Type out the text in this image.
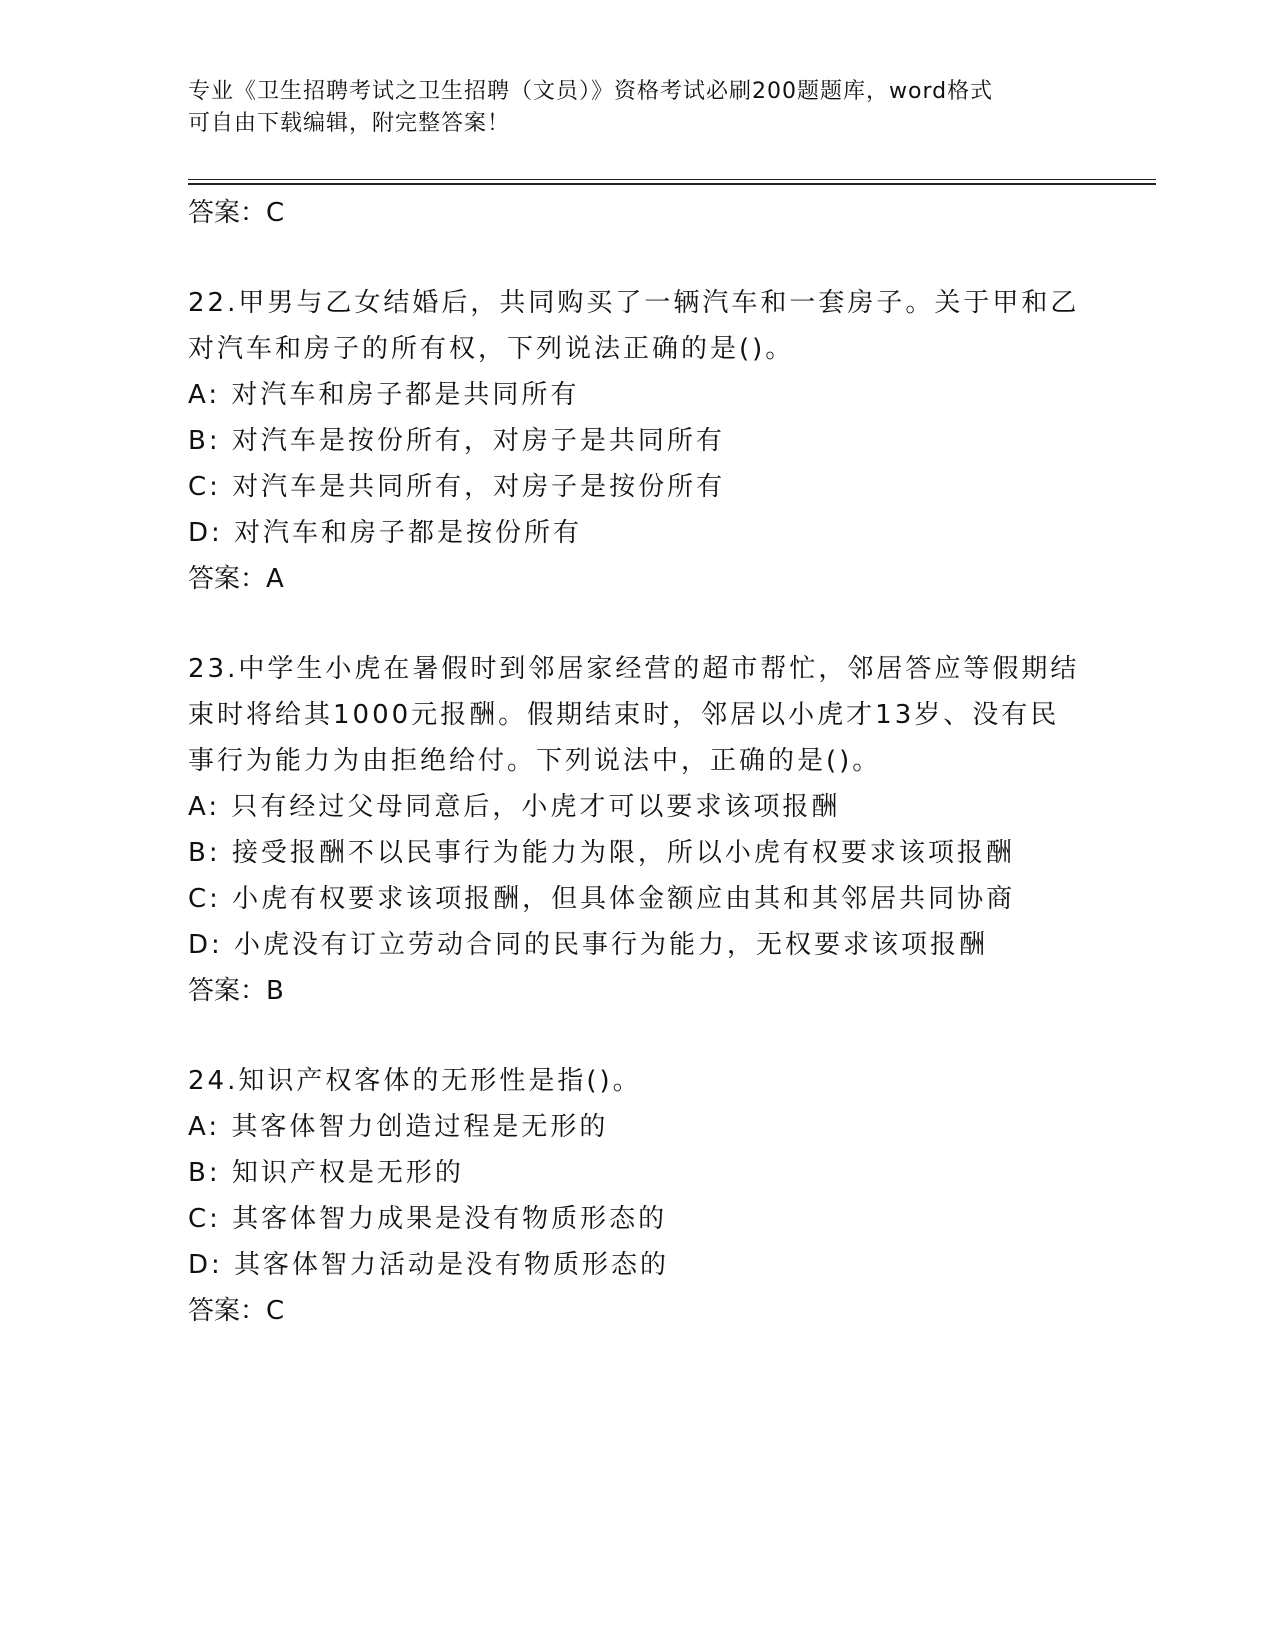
专业《卫生招聘考试之卫生招聘（文员）》资格考试必刷200题题库，word格式
可自由下载编辑，附完整答案！
答案：C
22.甲男与乙女结婚后，共同购买了一辆汽车和一套房子。关于甲和乙对汽车和房子的所有权，下列说法正确的是()。
A: 对汽车和房子都是共同所有
B: 对汽车是按份所有，对房子是共同所有
C: 对汽车是共同所有，对房子是按份所有
D: 对汽车和房子都是按份所有
答案：A
23.中学生小虎在暑假时到邻居家经营的超市帮忙，邻居答应等假期结束时将给其1000元报酬。假期结束时，邻居以小虎才13岁、没有民事行为能力为由拒绝给付。下列说法中，正确的是()。
A: 只有经过父母同意后，小虎才可以要求该项报酬
B: 接受报酬不以民事行为能力为限，所以小虎有权要求该项报酬
C: 小虎有权要求该项报酬，但具体金额应由其和其邻居共同协商
D: 小虎没有订立劳动合同的民事行为能力，无权要求该项报酬
答案：B
24.知识产权客体的无形性是指()。
A: 其客体智力创造过程是无形的
B: 知识产权是无形的
C: 其客体智力成果是没有物质形态的
D: 其客体智力活动是没有物质形态的
答案：C
